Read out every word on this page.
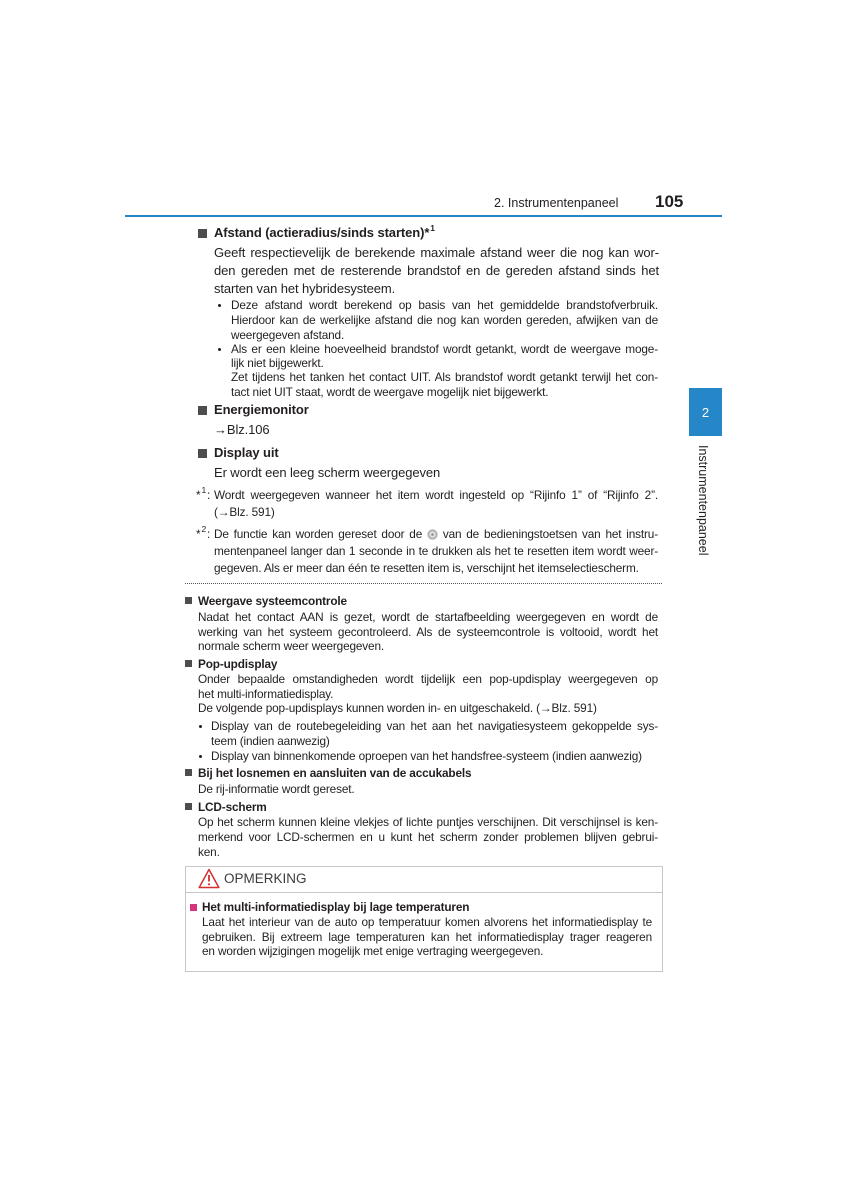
2. Instrumentenpaneel 105
2
Instrumentenpaneel
Afstand (actieradius/sinds starten)*$^1$
Geeft respectievelijk de berekende maximale afstand weer die nog kan wor-
den gereden met de resterende brandstof en de gereden afstand sinds het
starten van het hybridesysteem.
Deze afstand wordt berekend op basis van het gemiddelde brandstofverbruik.
Hierdoor kan de werkelijke afstand die nog kan worden gereden, afwijken van de
weergegeven afstand.
Als er een kleine hoeveelheid brandstof wordt getankt, wordt de weergave moge-
lijk niet bijgewerkt.
Zet tijdens het tanken het contact UIT. Als brandstof wordt getankt terwijl het con-
tact niet UIT staat, wordt de weergave mogelijk niet bijgewerkt.
Energiemonitor
→Blz.106
Display uit
Er wordt een leeg scherm weergegeven
*$^1$: Wordt weergegeven wanneer het item wordt ingesteld op “Rijinfo 1” of “Rijinfo 2”.
(→Blz. 591)
*$^2$: De functie kan worden gereset door de van de bedieningstoetsen van het instru-
mentenpaneel langer dan 1 seconde in te drukken als het te resetten item wordt weer-
gegeven. Als er meer dan één te resetten item is, verschijnt het itemselectiescherm.
Weergave systeemcontrole
Nadat het contact AAN is gezet, wordt de startafbeelding weergegeven en wordt de
werking van het systeem gecontroleerd. Als de systeemcontrole is voltooid, wordt het
normale scherm weer weergegeven.
Pop-updisplay
Onder bepaalde omstandigheden wordt tijdelijk een pop-updisplay weergegeven op
het multi-informatiedisplay.
De volgende pop-updisplays kunnen worden in- en uitgeschakeld. (→Blz. 591)
Display van de routebegeleiding van het aan het navigatiesysteem gekoppelde sys-
teem (indien aanwezig)
Display van binnenkomende oproepen van het handsfree-systeem (indien aanwezig)
Bij het losnemen en aansluiten van de accukabels
De rij-informatie wordt gereset.
LCD-scherm
Op het scherm kunnen kleine vlekjes of lichte puntjes verschijnen. Dit verschijnsel is ken-
merkend voor LCD-schermen en u kunt het scherm zonder problemen blijven gebrui-
ken.
OPMERKING
Het multi-informatiedisplay bij lage temperaturen
Laat het interieur van de auto op temperatuur komen alvorens het informatiedisplay te
gebruiken. Bij extreem lage temperaturen kan het informatiedisplay trager reageren
en worden wijzigingen mogelijk met enige vertraging weergegeven.
